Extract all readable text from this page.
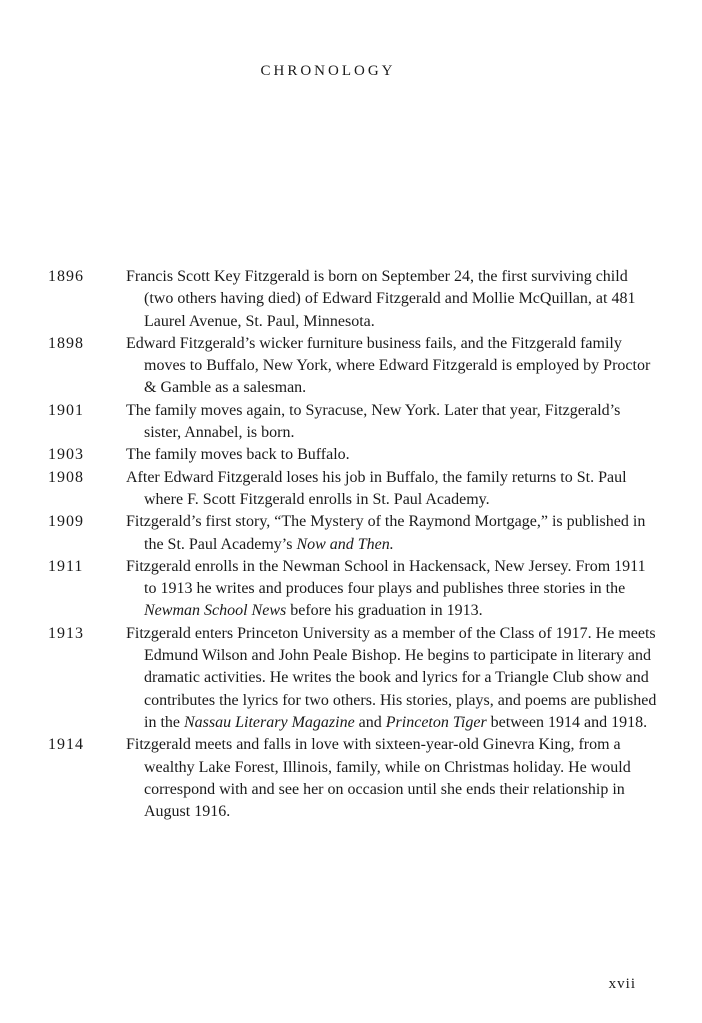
CHRONOLOGY
1896	Francis Scott Key Fitzgerald is born on September 24, the first surviving child (two others having died) of Edward Fitzgerald and Mollie McQuillan, at 481 Laurel Avenue, St. Paul, Minnesota.
1898	Edward Fitzgerald’s wicker furniture business fails, and the Fitzgerald family moves to Buffalo, New York, where Edward Fitzgerald is employed by Proctor & Gamble as a salesman.
1901	The family moves again, to Syracuse, New York. Later that year, Fitzgerald’s sister, Annabel, is born.
1903	The family moves back to Buffalo.
1908	After Edward Fitzgerald loses his job in Buffalo, the family returns to St. Paul where F. Scott Fitzgerald enrolls in St. Paul Academy.
1909	Fitzgerald’s first story, “The Mystery of the Raymond Mortgage,” is published in the St. Paul Academy’s Now and Then.
1911	Fitzgerald enrolls in the Newman School in Hackensack, New Jersey. From 1911 to 1913 he writes and produces four plays and publishes three stories in the Newman School News before his graduation in 1913.
1913	Fitzgerald enters Princeton University as a member of the Class of 1917. He meets Edmund Wilson and John Peale Bishop. He begins to participate in literary and dramatic activities. He writes the book and lyrics for a Triangle Club show and contributes the lyrics for two others. His stories, plays, and poems are published in the Nassau Literary Magazine and Princeton Tiger between 1914 and 1918.
1914	Fitzgerald meets and falls in love with sixteen-year-old Ginevra King, from a wealthy Lake Forest, Illinois, family, while on Christmas holiday. He would correspond with and see her on occasion until she ends their relationship in August 1916.
xvii
